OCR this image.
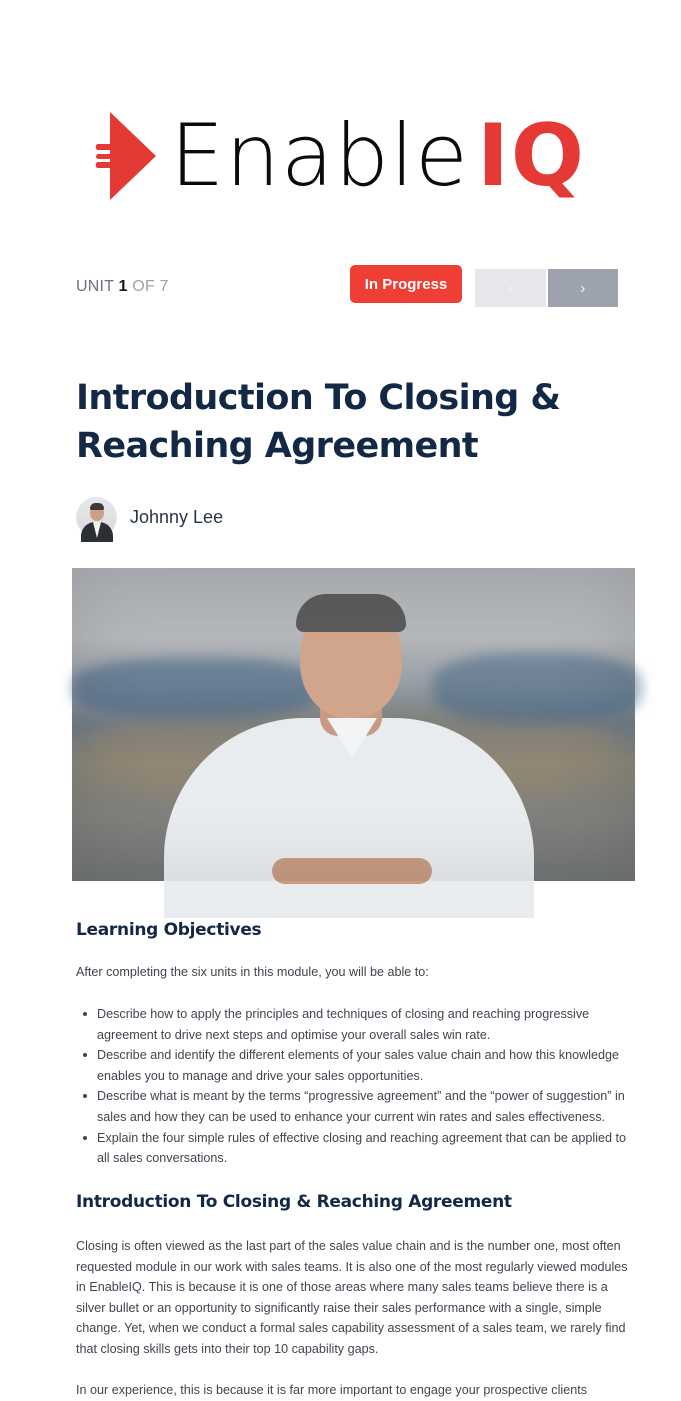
EnableIQ
UNIT 1 OF 7	In Progress	‹	›
Introduction To Closing & Reaching Agreement
Johnny Lee
Learning Objectives

After completing the six units in this module, you will be able to:

Describe how to apply the principles and techniques of closing and reaching progressive agreement to drive next steps and optimise your overall sales win rate.
Describe and identify the different elements of your sales value chain and how this knowledge enables you to manage and drive your sales opportunities.
Describe what is meant by the terms “progressive agreement” and the “power of suggestion” in sales and how they can be used to enhance your current win rates and sales effectiveness.
Explain the four simple rules of effective closing and reaching agreement that can be applied to all sales conversations.
Introduction To Closing & Reaching Agreement

Closing is often viewed as the last part of the sales value chain and is the number one, most often requested module in our work with sales teams. It is also one of the most regularly viewed modules in EnableIQ. This is because it is one of those areas where many sales teams believe there is a silver bullet or an opportunity to significantly raise their sales performance with a single, simple change. Yet, when we conduct a formal sales capability assessment of a sales team, we rarely find that closing skills gets into their top 10 capability gaps.

In our experience, this is because it is far more important to engage your prospective clients
